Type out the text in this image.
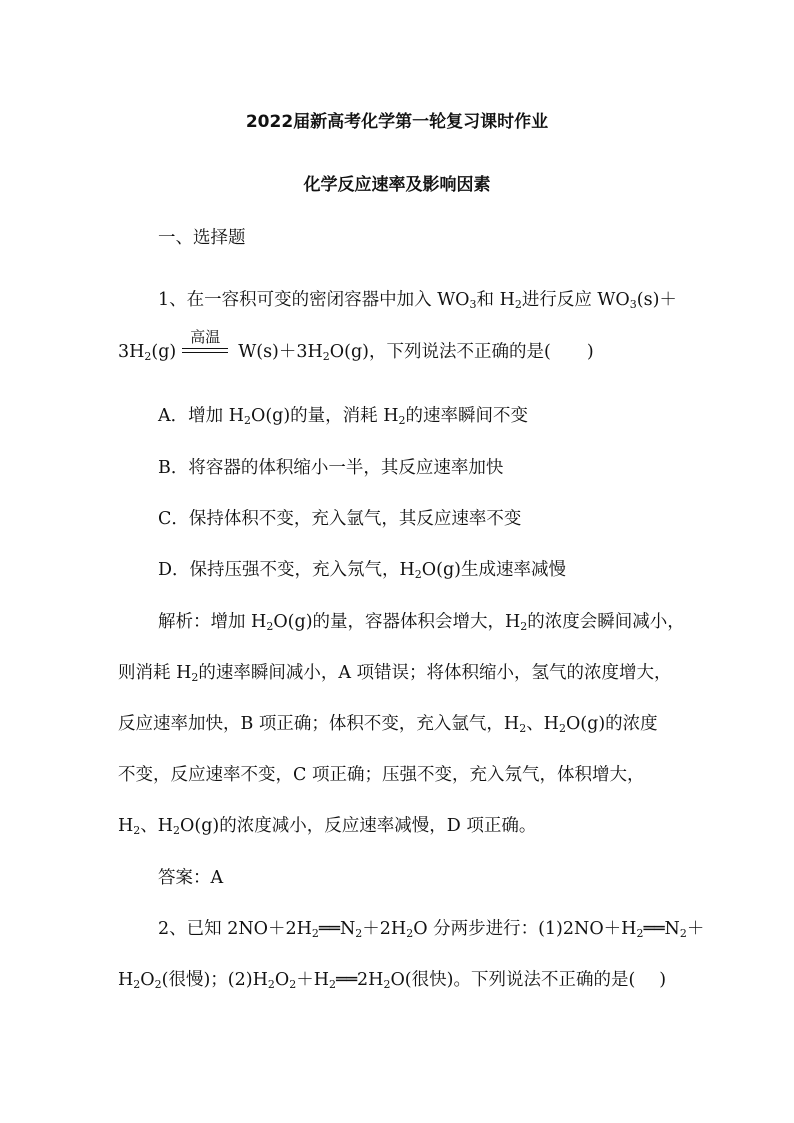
2022届新高考化学第一轮复习课时作业
化学反应速率及影响因素
一、选择题
1、在一容积可变的密闭容器中加入 $WO_3$和 $H_2$进行反应 $WO_3(s)+$
$3H_2(g)$
高温
$W(s)+3H_2O(g)$，下列说法不正确的是( )
A．增加 $H_2O(g)$的量，消耗 $H_2$的速率瞬间不变
B．将容器的体积缩小一半，其反应速率加快
C．保持体积不变，充入氩气，其反应速率不变
D．保持压强不变，充入氖气，$H_2O(g)$生成速率减慢
解析：增加 $H_2O(g)$的量，容器体积会增大，$H_2$的浓度会瞬间减小，
则消耗 $H_2$的速率瞬间减小，A 项错误；将体积缩小，氢气的浓度增大，
反应速率加快，B 项正确；体积不变，充入氩气，$H_2$、$H_2O(g)$的浓度
不变，反应速率不变，C 项正确；压强不变，充入氖气，体积增大，
$H_2$、$H_2O(g)$的浓度减小，反应速率减慢，D 项正确。
答案：A
2、已知 $2NO+2H_2══N_2+2H_2O$ 分两步进行：$(1)2NO+H_2══N_2+$
$H_2O_2$(很慢)；$(2)H_2O_2+H_2══2H_2O$(很快)。下列说法不正确的是( )
